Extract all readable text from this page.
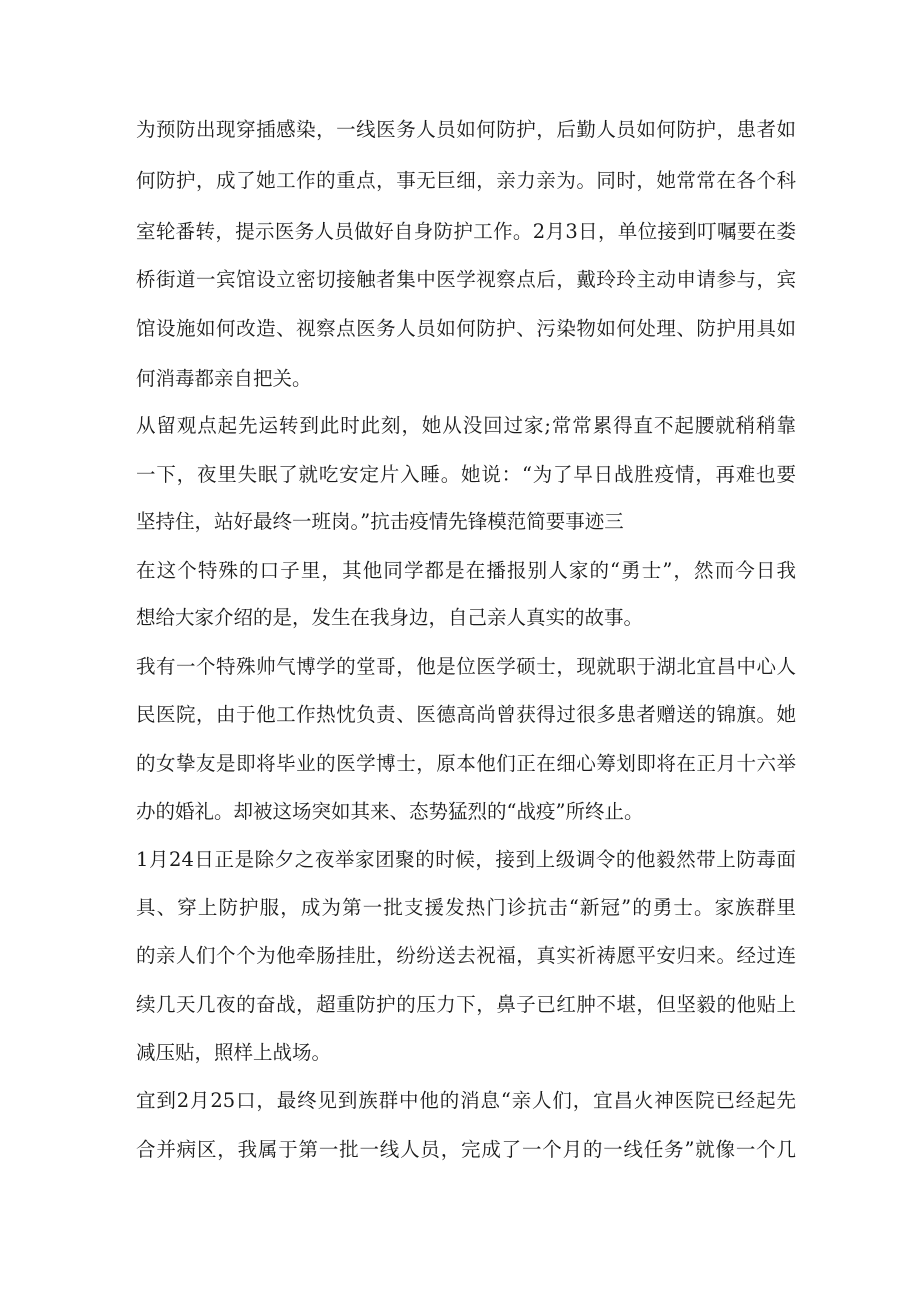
为预防出现穿插感染，一线医务人员如何防护，后勤人员如何防护，患者如
何防护，成了她工作的重点，事无巨细，亲力亲为。同时，她常常在各个科
室轮番转，提示医务人员做好自身防护工作。2月3日，单位接到叮嘱要在娄
桥街道一宾馆设立密切接触者集中医学视察点后，戴玲玲主动申请参与，宾
馆设施如何改造、视察点医务人员如何防护、污染物如何处理、防护用具如
何消毒都亲自把关。
从留观点起先运转到此时此刻，她从没回过家;常常累得直不起腰就稍稍靠
一下，夜里失眠了就吃安定片入睡。她说：“为了早日战胜疫情，再难也要
坚持住，站好最终一班岗。”抗击疫情先锋模范简要事迹三
在这个特殊的口子里，其他同学都是在播报别人家的“勇士”，然而今日我
想给大家介绍的是，发生在我身边，自己亲人真实的故事。
我有一个特殊帅气博学的堂哥，他是位医学硕士，现就职于湖北宜昌中心人
民医院，由于他工作热忱负责、医德高尚曾获得过很多患者赠送的锦旗。她
的女挚友是即将毕业的医学博士，原本他们正在细心筹划即将在正月十六举
办的婚礼。却被这场突如其来、态势猛烈的“战疫”所终止。
1月24日正是除夕之夜举家团聚的时候，接到上级调令的他毅然带上防毒面
具、穿上防护服，成为第一批支援发热门诊抗击“新冠”的勇士。家族群里
的亲人们个个为他牵肠挂肚，纷纷送去祝福，真实祈祷愿平安归来。经过连
续几天几夜的奋战，超重防护的压力下，鼻子已红肿不堪，但坚毅的他贴上
减压贴，照样上战场。
宜到2月25口，最终见到族群中他的消息“亲人们，宜昌火神医院已经起先
合并病区，我属于第一批一线人员，完成了一个月的一线任务”就像一个几
